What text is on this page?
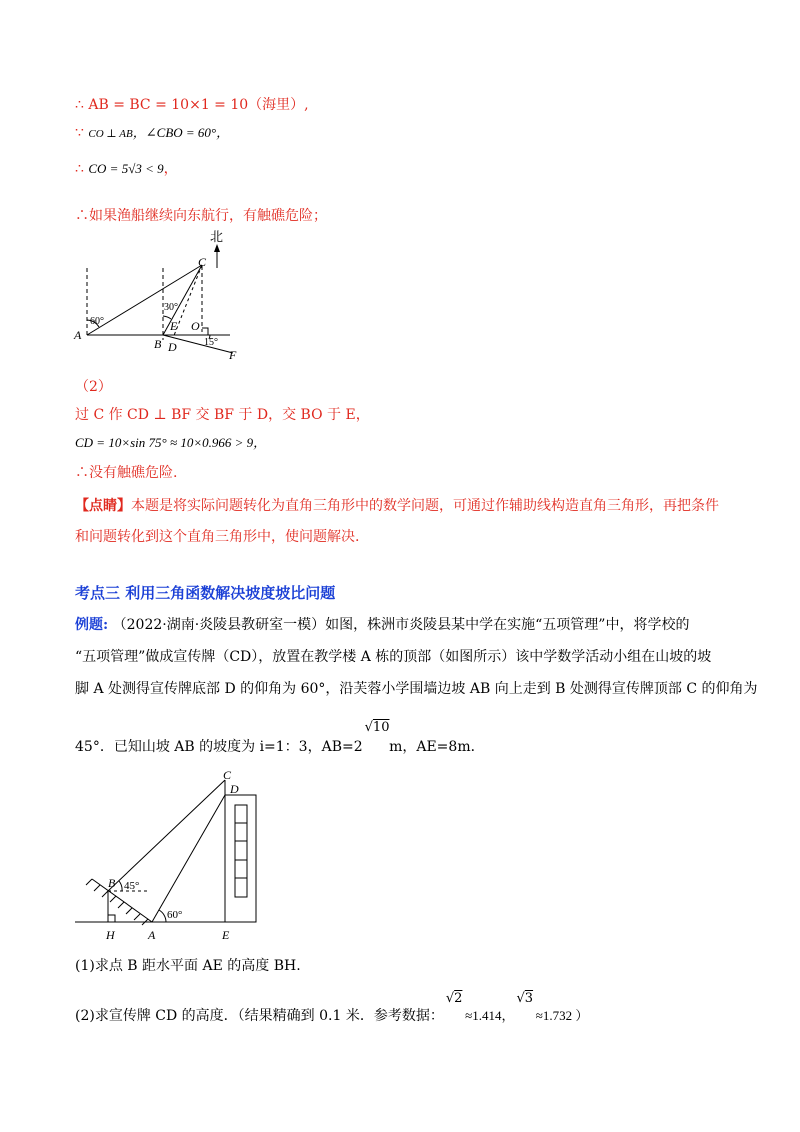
∴ AB = BC = 10×1 = 10（海里）,
∵ CO ⊥ AB，∠CBO = 60°，
∴ CO = 5√3 < 9，
∴如果渔船继续向东航行，有触礁危险；
北
C
A
B D
E O
F
60°
30°
15°
（2）
过 C 作 CD ⊥ BF 交 BF 于 D，交 BO 于 E，
CD = 10×sin 75° ≈ 10×0.966 > 9，
∴没有触礁危险.
【点睛】本题是将实际问题转化为直角三角形中的数学问题，可通过作辅助线构造直角三角形，再把条件
和问题转化到这个直角三角形中，使问题解决.
考点三 利用三角函数解决坡度坡比问题
例题: （2022·湖南·炎陵县教研室一模）如图，株洲市炎陵县某中学在实施“五项管理”中，将学校的
“五项管理”做成宣传牌（CD），放置在教学楼 A 栋的顶部（如图所示）该中学数学活动小组在山坡的坡
脚 A 处测得宣传牌底部 D 的仰角为 60°，沿芙蓉小学围墙边坡 AB 向上走到 B 处测得宣传牌顶部 C 的仰角为
45°．已知山坡 AB 的坡度为 i=1：3，AB=2
√10
m，AE=8m．
C
D
B
H	A	E
45°
60°
(1)求点 B 距水平面 AE 的高度 BH.
(2)求宣传牌 CD 的高度．（结果精确到 0.1 米．参考数据：
√2
≈1.414，
√3
≈1.732 ）
